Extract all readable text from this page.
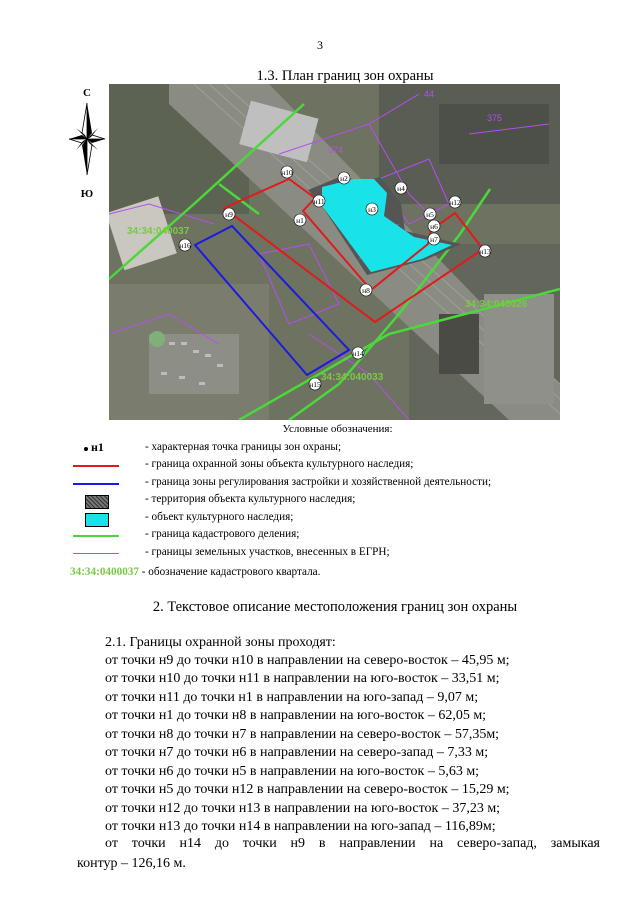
3
1.3. План границ зон охраны
С
Ю
374
375
44
34:34:040037
34:34:040026
34:34:040033
н1
н2
н3
н4
н5
н6
н7
н8
н9
н10
н11	н12
н13
н14
н15
н16
Условные обозначения:
н1	- характерная точка границы зон охраны;
- граница охранной зоны объекта культурного наследия;
- граница зоны регулирования застройки и хозяйственной деятельности;
- территория объекта культурного наследия;
- объект культурного наследия;
- граница кадастрового деления;
- границы земельных участков, внесенных в ЕГРН;
34:34:0400037 - обозначение кадастрового квартала.
2. Текстовое описание местоположения границ зон охраны
2.1. Границы охранной зоны проходят:
от точки н9 до точки н10 в направлении на северо-восток – 45,95 м;
от точки н10 до точки н11 в направлении на юго-восток – 33,51 м;
от точки н11 до точки н1 в направлении на юго-запад – 9,07 м;
от точки н1 до точки н8 в направлении на юго-восток – 62,05 м;
от точки н8 до точки н7 в направлении на северо-восток – 57,35м;
от точки н7 до точки н6 в направлении на северо-запад – 7,33 м;
от точки н6 до точки н5 в направлении на юго-восток – 5,63 м;
от точки н5 до точки н12 в направлении на северо-восток – 15,29 м;
от точки н12 до точки н13 в направлении на юго-восток – 37,23 м;
от точки н13 до точки н14 в направлении на юго-запад – 116,89м;
от точки н14 до точки н9 в направлении на северо-запад, замыкая
контур – 126,16 м.
